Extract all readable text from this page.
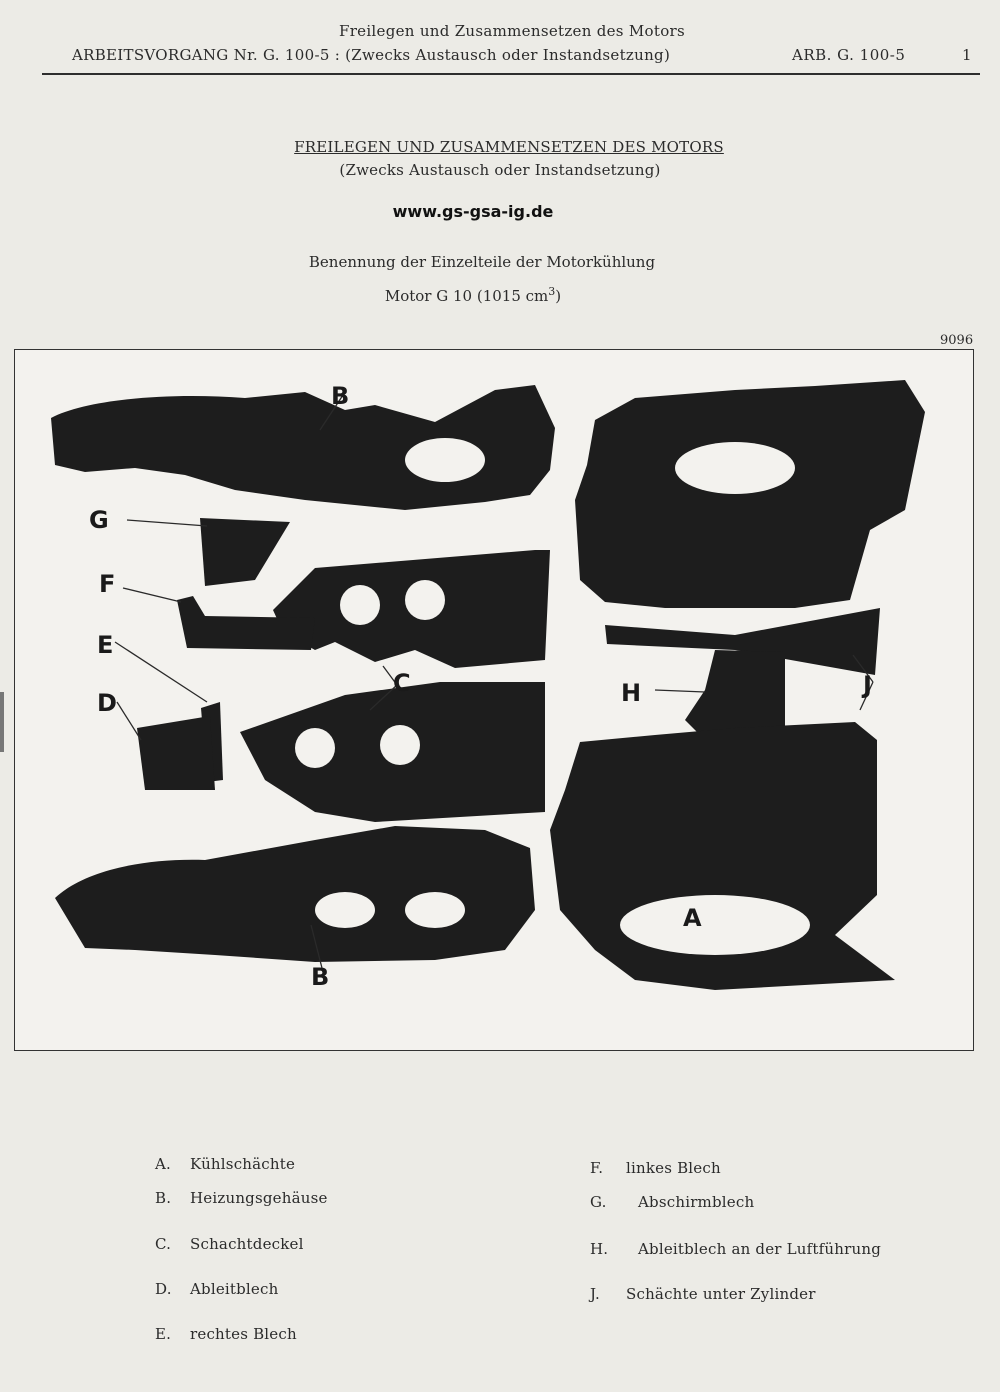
Freilegen und Zusammensetzen des Motors
ARBEITSVORGANG Nr. G. 100-5 : (Zwecks Austausch oder Instandsetzung)	ARB. G. 100-5	1
FREILEGEN UND ZUSAMMENSETZEN DES MOTORS
(Zwecks Austausch oder Instandsetzung)
www.gs-gsa-ig.de
Benennung der Einzelteile der Motorkühlung
Motor G 10 (1015 $cm^3$)
9096
B
A
G
F
E
D
C	H	J
A
B
A. Kühlschächte
B. Heizungsgehäuse
C. Schachtdeckel
D. Ableitblech
E. rechtes Blech
F. linkes Blech
G. Abschirmblech
H. Ableitblech an der Luftführung
J. Schächte unter Zylinder
